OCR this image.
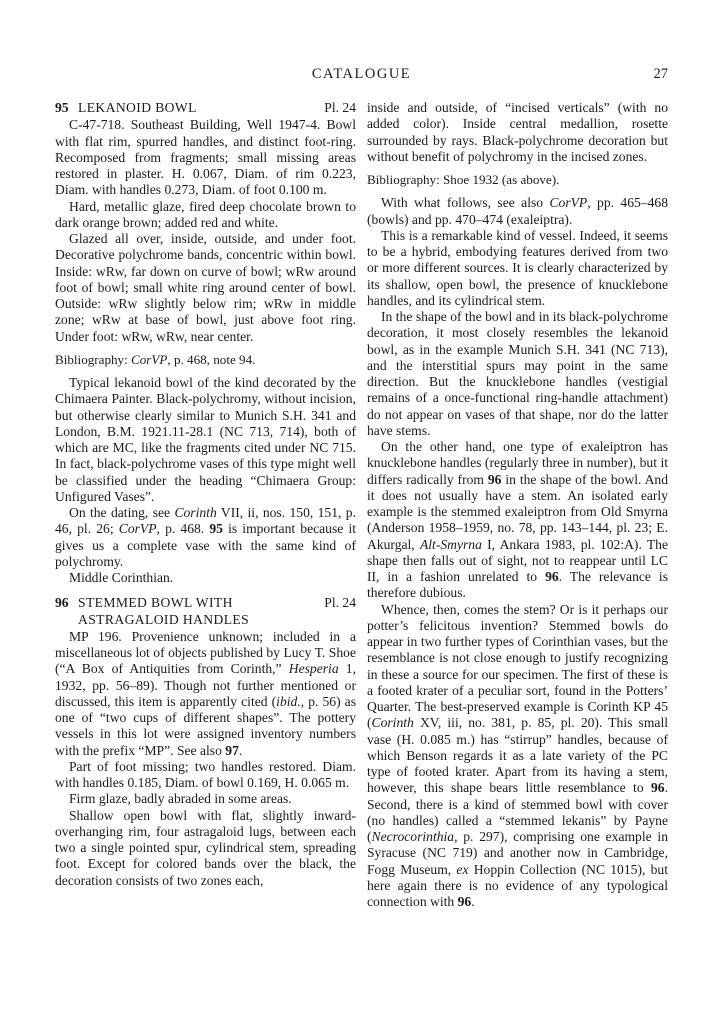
CATALOGUE	27
95 LEKANOID BOWL	Pl. 24

C-47-718. Southeast Building, Well 1947-4. Bowl with flat rim, spurred handles, and distinct foot-ring. Recomposed from fragments; small missing areas restored in plaster. H. 0.067, Diam. of rim 0.223, Diam. with handles 0.273, Diam. of foot 0.100 m.

Hard, metallic glaze, fired deep chocolate brown to dark orange brown; added red and white.

Glazed all over, inside, outside, and under foot. Decorative polychrome bands, concentric within bowl. Inside: wRw, far down on curve of bowl; wRw around foot of bowl; small white ring around center of bowl. Outside: wRw slightly below rim; wRw in middle zone; wRw at base of bowl, just above foot ring. Under foot: wRw, wRw, near center.

Bibliography: CorVP, p. 468, note 94.

Typical lekanoid bowl of the kind decorated by the Chimaera Painter. Black-polychromy, without incision, but otherwise clearly similar to Munich S.H. 341 and London, B.M. 1921.11-28.1 (NC 713, 714), both of which are MC, like the fragments cited under NC 715. In fact, black-polychrome vases of this type might well be classified under the heading “Chimaera Group: Unfigured Vases”.

On the dating, see Corinth VII, ii, nos. 150, 151, p. 46, pl. 26; CorVP, p. 468. 95 is important because it gives us a complete vase with the same kind of polychromy.

Middle Corinthian.

96 STEMMED BOWL WITH
ASTRAGALOID HANDLES
Pl. 24

MP 196. Provenience unknown; included in a miscellaneous lot of objects published by Lucy T. Shoe (“A Box of Antiquities from Corinth,” Hesperia 1, 1932, pp. 56–89). Though not further mentioned or discussed, this item is apparently cited (ibid., p. 56) as one of “two cups of different shapes”. The pottery vessels in this lot were assigned inventory numbers with the prefix “MP”. See also 97.

Part of foot missing; two handles restored. Diam. with handles 0.185, Diam. of bowl 0.169, H. 0.065 m.

Firm glaze, badly abraded in some areas.

Shallow open bowl with flat, slightly inward-overhanging rim, four astragaloid lugs, between each two a single pointed spur, cylindrical stem, spreading foot. Except for colored bands over the black, the decoration consists of two zones each,

inside and outside, of “incised verticals” (with no added color). Inside central medallion, rosette surrounded by rays. Black-polychrome decoration but without benefit of polychromy in the incised zones.

Bibliography: Shoe 1932 (as above).

With what follows, see also CorVP, pp. 465–468 (bowls) and pp. 470–474 (exaleiptra).

This is a remarkable kind of vessel. Indeed, it seems to be a hybrid, embodying features derived from two or more different sources. It is clearly characterized by its shallow, open bowl, the presence of knucklebone handles, and its cylindrical stem.

In the shape of the bowl and in its black-polychrome decoration, it most closely resembles the lekanoid bowl, as in the example Munich S.H. 341 (NC 713), and the interstitial spurs may point in the same direction. But the knucklebone handles (vestigial remains of a once-functional ring-handle attachment) do not appear on vases of that shape, nor do the latter have stems.

On the other hand, one type of exaleiptron has knucklebone handles (regularly three in number), but it differs radically from 96 in the shape of the bowl. And it does not usually have a stem. An isolated early example is the stemmed exaleiptron from Old Smyrna (Anderson 1958–1959, no. 78, pp. 143–144, pl. 23; E. Akurgal, Alt-Smyrna I, Ankara 1983, pl. 102:A). The shape then falls out of sight, not to reappear until LC II, in a fashion unrelated to 96. The relevance is therefore dubious.

Whence, then, comes the stem? Or is it perhaps our potter’s felicitous invention? Stemmed bowls do appear in two further types of Corinthian vases, but the resemblance is not close enough to justify recognizing in these a source for our specimen. The first of these is a footed krater of a peculiar sort, found in the Potters’ Quarter. The best-preserved example is Corinth KP 45 (Corinth XV, iii, no. 381, p. 85, pl. 20). This small vase (H. 0.085 m.) has “stirrup” handles, because of which Benson regards it as a late variety of the PC type of footed krater. Apart from its having a stem, however, this shape bears little resemblance to 96. Second, there is a kind of stemmed bowl with cover (no handles) called a “stemmed lekanis” by Payne (Necrocorinthia, p. 297), comprising one example in Syracuse (NC 719) and another now in Cambridge, Fogg Museum, ex Hoppin Collection (NC 1015), but here again there is no evidence of any typological connection with 96.
